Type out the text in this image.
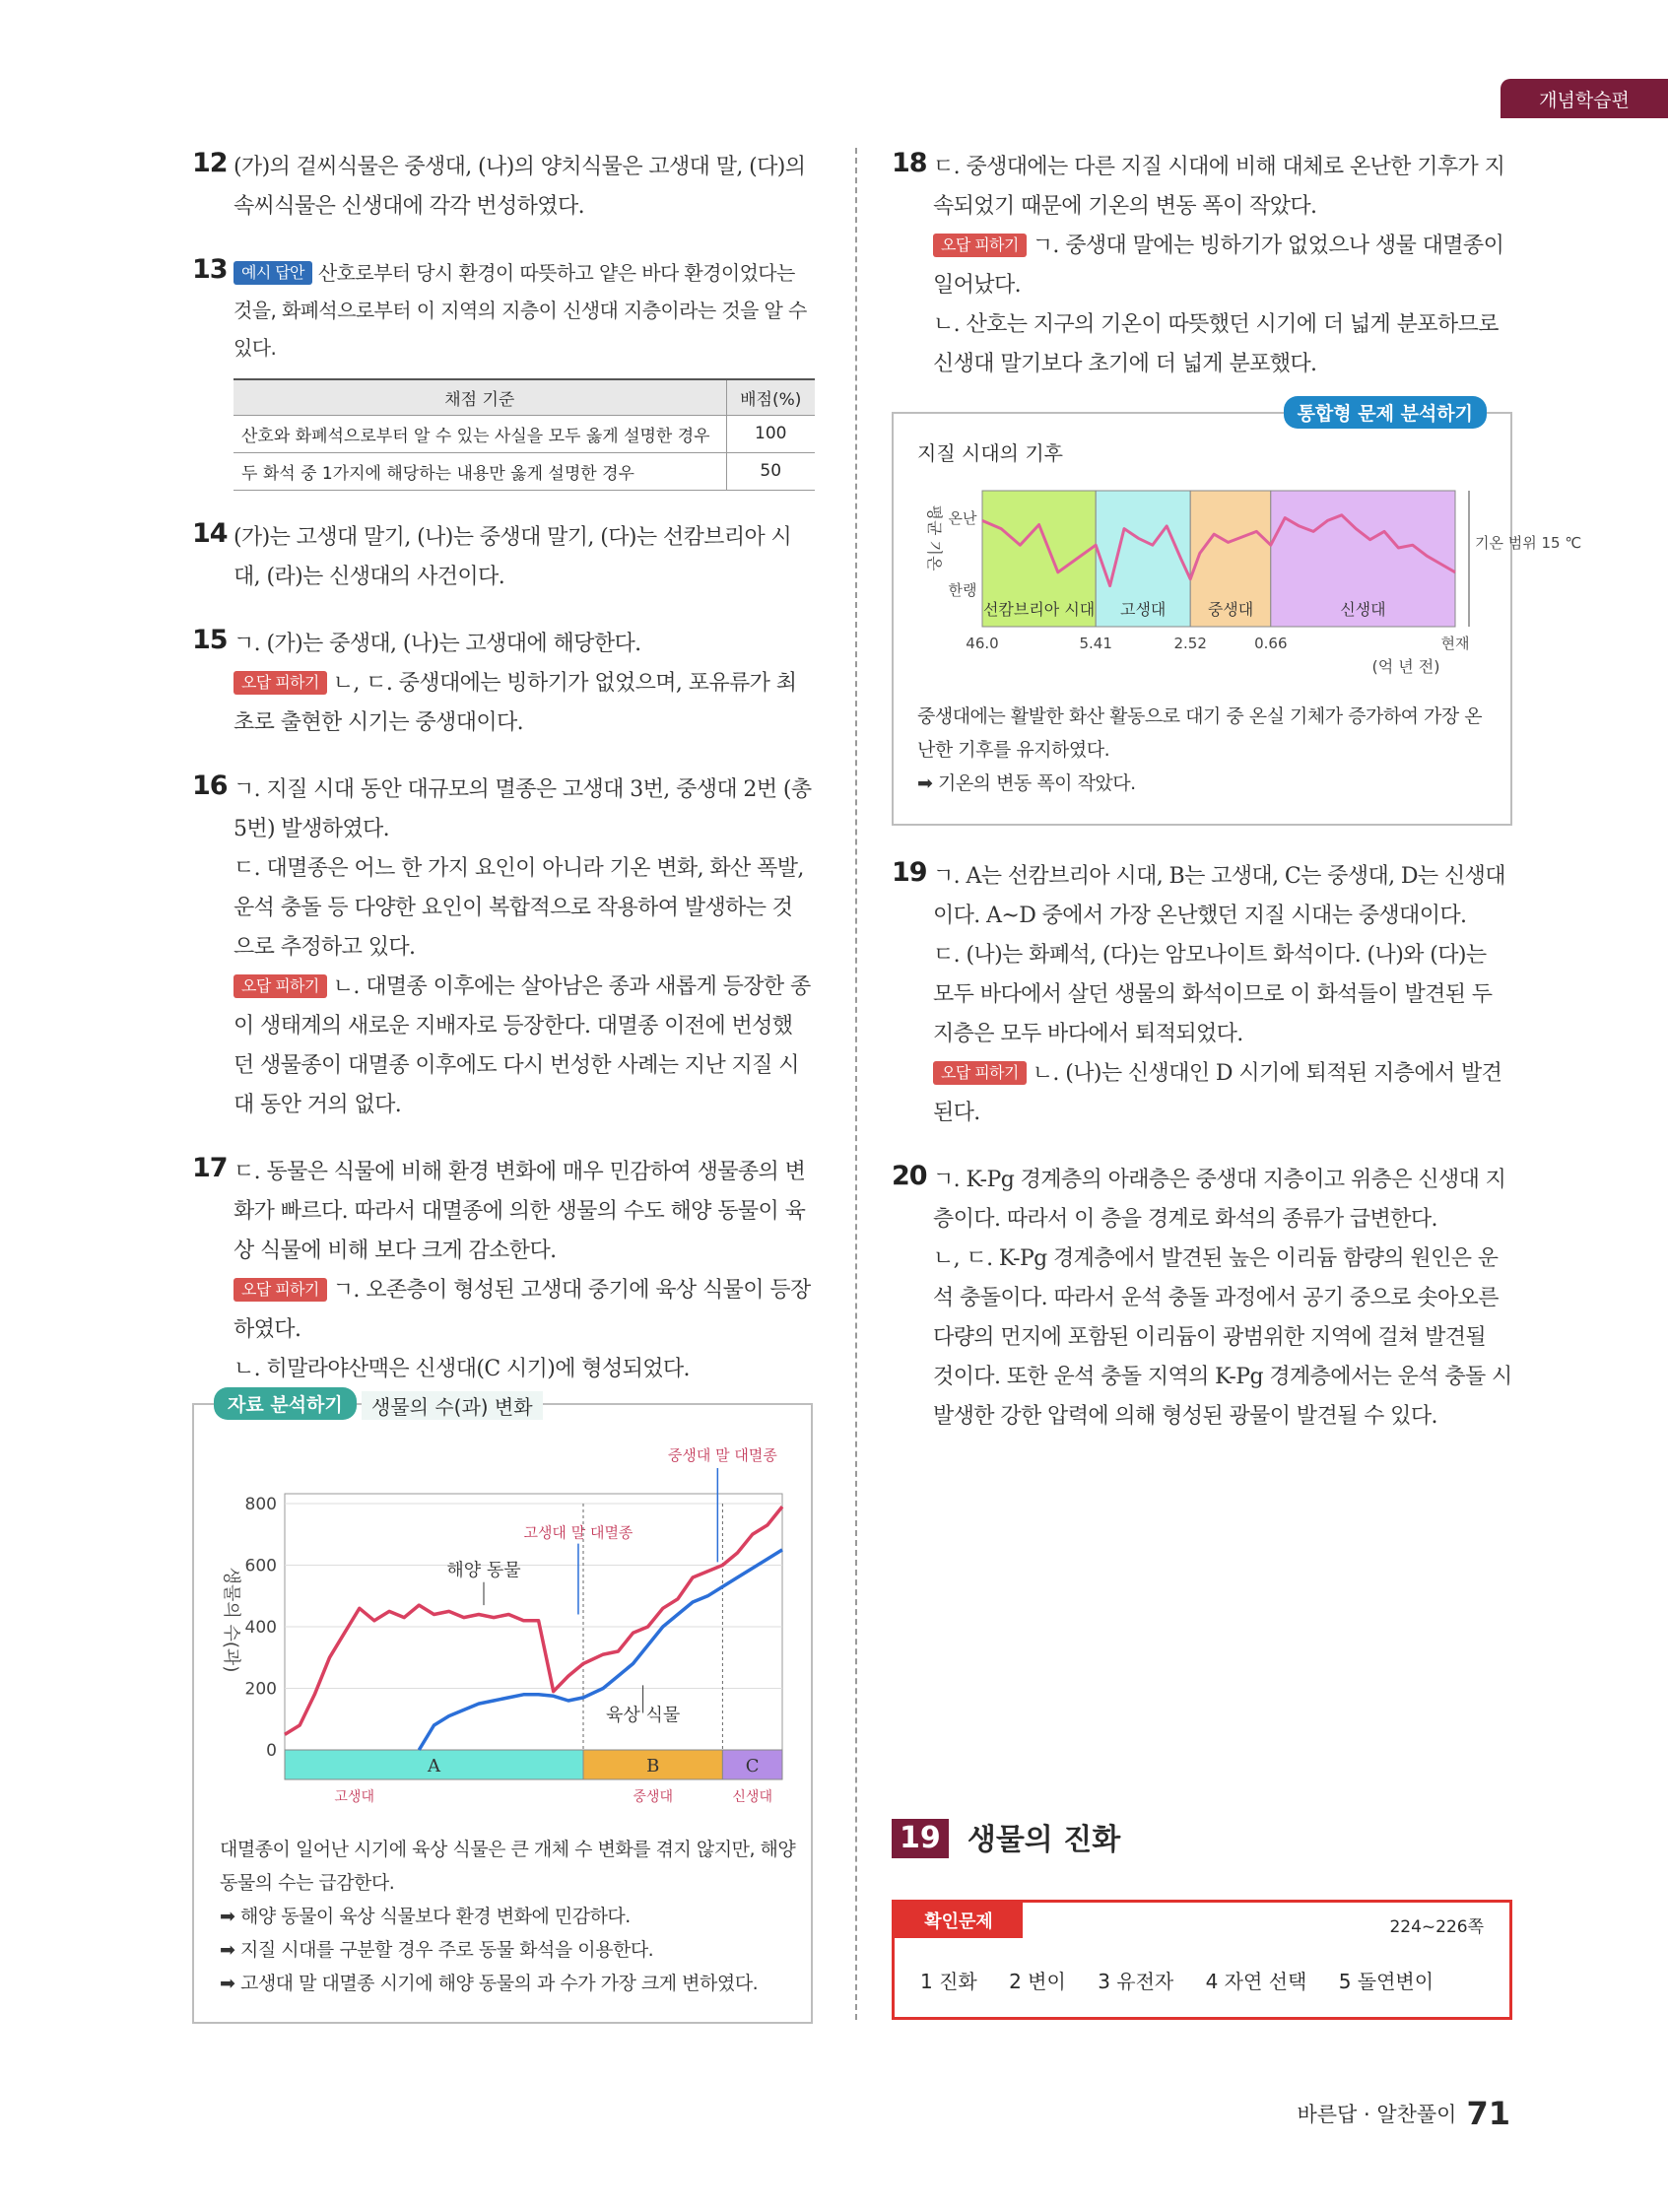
개념학습편
12 (가)의 겉씨식물은 중생대, (나)의 양치식물은 고생대 말, (다)의 속씨식물은 신생대에 각각 번성하였다.
13 예시 답안 산호로부터 당시 환경이 따뜻하고 얕은 바다 환경이었다는 것을, 화폐석으로부터 이 지역의 지층이 신생대 지층이라는 것을 알 수 있다.
채점 기준	배점(%)
산호와 화폐석으로부터 알 수 있는 사실을 모두 옳게 설명한 경우	100
두 화석 중 1가지에 해당하는 내용만 옳게 설명한 경우	50
14 (가)는 고생대 말기, (나)는 중생대 말기, (다)는 선캄브리아 시대, (라)는 신생대의 사건이다.
15 ㄱ. (가)는 중생대, (나)는 고생대에 해당한다.
오답 피하기 ㄴ, ㄷ. 중생대에는 빙하기가 없었으며, 포유류가 최초로 출현한 시기는 중생대이다.
16 ㄱ. 지질 시대 동안 대규모의 멸종은 고생대 3번, 중생대 2번 (총 5번) 발생하였다.
ㄷ. 대멸종은 어느 한 가지 요인이 아니라 기온 변화, 화산 폭발, 운석 충돌 등 다양한 요인이 복합적으로 작용하여 발생하는 것으로 추정하고 있다.
오답 피하기 ㄴ. 대멸종 이후에는 살아남은 종과 새롭게 등장한 종이 생태계의 새로운 지배자로 등장한다. 대멸종 이전에 번성했던 생물종이 대멸종 이후에도 다시 번성한 사례는 지난 지질 시대 동안 거의 없다.
17 ㄷ. 동물은 식물에 비해 환경 변화에 매우 민감하여 생물종의 변화가 빠르다. 따라서 대멸종에 의한 생물의 수도 해양 동물이 육상 식물에 비해 보다 크게 감소한다.
오답 피하기 ㄱ. 오존층이 형성된 고생대 중기에 육상 식물이 등장하였다.
ㄴ. 히말라야산맥은 신생대(C 시기)에 형성되었다.
자료 분석하기	생물의 수(과) 변화
800
600
400
200
0
생물의 수(과)
A
고생대
B
중생대
C
신생대
해양 동물
육상 식물
고생대 말 대멸종
중생대 말 대멸종
대멸종이 일어난 시기에 육상 식물은 큰 개체 수 변화를 겪지 않지만, 해양 동물의 수는 급감한다.
➡ 해양 동물이 육상 식물보다 환경 변화에 민감하다.
➡ 지질 시대를 구분할 경우 주로 동물 화석을 이용한다.
➡ 고생대 말 대멸종 시기에 해양 동물의 과 수가 가장 크게 변하였다.
18 ㄷ. 중생대에는 다른 지질 시대에 비해 대체로 온난한 기후가 지속되었기 때문에 기온의 변동 폭이 작았다.
오답 피하기 ㄱ. 중생대 말에는 빙하기가 없었으나 생물 대멸종이 일어났다.
ㄴ. 산호는 지구의 기온이 따뜻했던 시기에 더 넓게 분포하므로 신생대 말기보다 초기에 더 넓게 분포했다.
통합형 문제 분석하기
지질 시대의 기후
선캄브리아 시대 고생대	중생대	신생대
평균 기온 온난
한랭
46.0	5.41	2.52	0.66	현재
(억 년 전)
기온 범위 15 ℃
중생대에는 활발한 화산 활동으로 대기 중 온실 기체가 증가하여 가장 온난한 기후를 유지하였다.
➡ 기온의 변동 폭이 작았다.
19 ㄱ. A는 선캄브리아 시대, B는 고생대, C는 중생대, D는 신생대이다. A~D 중에서 가장 온난했던 지질 시대는 중생대이다.
ㄷ. (나)는 화폐석, (다)는 암모나이트 화석이다. (나)와 (다)는 모두 바다에서 살던 생물의 화석이므로 이 화석들이 발견된 두 지층은 모두 바다에서 퇴적되었다.
오답 피하기 ㄴ. (나)는 신생대인 D 시기에 퇴적된 지층에서 발견된다.
20 ㄱ. K-Pg 경계층의 아래층은 중생대 지층이고 위층은 신생대 지층이다. 따라서 이 층을 경계로 화석의 종류가 급변한다.
ㄴ, ㄷ. K-Pg 경계층에서 발견된 높은 이리듐 함량의 원인은 운석 충돌이다. 따라서 운석 충돌 과정에서 공기 중으로 솟아오른 다량의 먼지에 포함된 이리듐이 광범위한 지역에 걸쳐 발견될 것이다. 또한 운석 충돌 지역의 K-Pg 경계층에서는 운석 충돌 시 발생한 강한 압력에 의해 형성된 광물이 발견될 수 있다.
19 생물의 진화
확인문제	224~226쪽
1 진화 2 변이 3 유전자 4 자연 선택 5 돌연변이
바른답 · 알찬풀이 71
